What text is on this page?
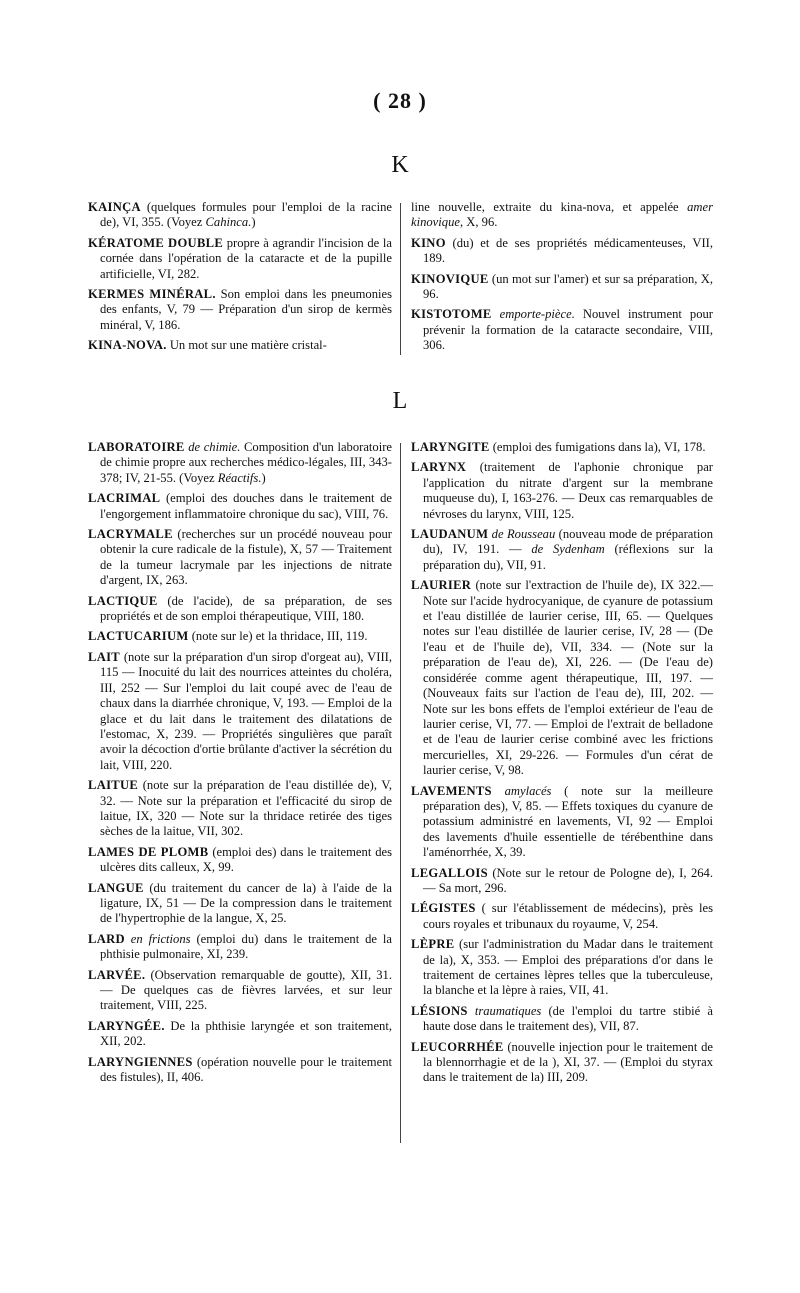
( 28 )
K

KAINÇA (quelques formules pour l'emploi de la racine de), VI, 355. (Voyez Cahinca.)

KÉRATOME DOUBLE propre à agrandir l'incision de la cornée dans l'opération de la cataracte et de la pupille artificielle, VI, 282.

KERMES MINÉRAL. Son emploi dans les pneumonies des enfants, V, 79 — Préparation d'un sirop de kermès minéral, V, 186.

KINA-NOVA. Un mot sur une matière cristal-

line nouvelle, extraite du kina-nova, et appelée amer kinovique, X, 96.

KINO (du) et de ses propriétés médicamenteuses, VII, 189.

KINOVIQUE (un mot sur l'amer) et sur sa préparation, X, 96.

KISTOTOME emporte-pièce. Nouvel instrument pour prévenir la formation de la cataracte secondaire, VIII, 306.

L

LABORATOIRE de chimie. Composition d'un laboratoire de chimie propre aux recherches médico-légales, III, 343-378; IV, 21-55. (Voyez Réactifs.)

LACRIMAL (emploi des douches dans le traitement de l'engorgement inflammatoire chronique du sac), VIII, 76.

LACRYMALE (recherches sur un procédé nouveau pour obtenir la cure radicale de la fistule), X, 57 — Traitement de la tumeur lacrymale par les injections de nitrate d'argent, IX, 263.

LACTIQUE (de l'acide), de sa préparation, de ses propriétés et de son emploi thérapeutique, VIII, 180.

LACTUCARIUM (note sur le) et la thridace, III, 119.

LAIT (note sur la préparation d'un sirop d'orgeat au), VIII, 115 — Inocuité du lait des nourrices atteintes du choléra, III, 252 — Sur l'emploi du lait coupé avec de l'eau de chaux dans la diarrhée chronique, V, 193. — Emploi de la glace et du lait dans le traitement des dilatations de l'estomac, X, 239. — Propriétés singulières que paraît avoir la décoction d'ortie brûlante d'activer la sécrétion du lait, VIII, 220.

LAITUE (note sur la préparation de l'eau distillée de), V, 32. — Note sur la préparation et l'efficacité du sirop de laitue, IX, 320 — Note sur la thridace retirée des tiges sèches de la laitue, VII, 302.

LAMES DE PLOMB (emploi des) dans le traitement des ulcères dits calleux, X, 99.

LANGUE (du traitement du cancer de la) à l'aide de la ligature, IX, 51 — De la compression dans le traitement de l'hypertrophie de la langue, X, 25.

LARD en frictions (emploi du) dans le traitement de la phthisie pulmonaire, XI, 239.

LARVÉE. (Observation remarquable de goutte), XII, 31. — De quelques cas de fièvres larvées, et sur leur traitement, VIII, 225.

LARYNGÉE. De la phthisie laryngée et son traitement, XII, 202.

LARYNGIENNES (opération nouvelle pour le traitement des fistules), II, 406.

LARYNGITE (emploi des fumigations dans la), VI, 178.

LARYNX (traitement de l'aphonie chronique par l'application du nitrate d'argent sur la membrane muqueuse du), I, 163-276. — Deux cas remarquables de névroses du larynx, VIII, 125.

LAUDANUM de Rousseau (nouveau mode de préparation du), IV, 191. — de Sydenham (réflexions sur la préparation du), VII, 91.

LAURIER (note sur l'extraction de l'huile de), IX 322.—Note sur l'acide hydrocyanique, de cyanure de potassium et l'eau distillée de laurier cerise, III, 65. — Quelques notes sur l'eau distillée de laurier cerise, IV, 28 — (De l'eau et de l'huile de), VII, 334. — (Note sur la préparation de l'eau de), XI, 226. — (De l'eau de) considérée comme agent thérapeutique, III, 197. — (Nouveaux faits sur l'action de l'eau de), III, 202. — Note sur les bons effets de l'emploi extérieur de l'eau de laurier cerise, VI, 77. — Emploi de l'extrait de belladone et de l'eau de laurier cerise combiné avec les frictions mercurielles, XI, 29-226. — Formules d'un cérat de laurier cerise, V, 98.

LAVEMENTS amylacés ( note sur la meilleure préparation des), V, 85. — Effets toxiques du cyanure de potassium administré en lavements, VI, 92 — Emploi des lavements d'huile essentielle de térébenthine dans l'aménorrhée, X, 39.

LEGALLOIS (Note sur le retour de Pologne de), I, 264. — Sa mort, 296.

LÉGISTES ( sur l'établissement de médecins), près les cours royales et tribunaux du royaume, V, 254.

LÈPRE (sur l'administration du Madar dans le traitement de la), X, 353. — Emploi des préparations d'or dans le traitement de certaines lèpres telles que la tuberculeuse, la blanche et la lèpre à raies, VII, 41.

LÉSIONS traumatiques (de l'emploi du tartre stibié à haute dose dans le traitement des), VII, 87.

LEUCORRHÉE (nouvelle injection pour le traitement de la blennorrhagie et de la ), XI, 37. — (Emploi du styrax dans le traitement de la) III, 209.
